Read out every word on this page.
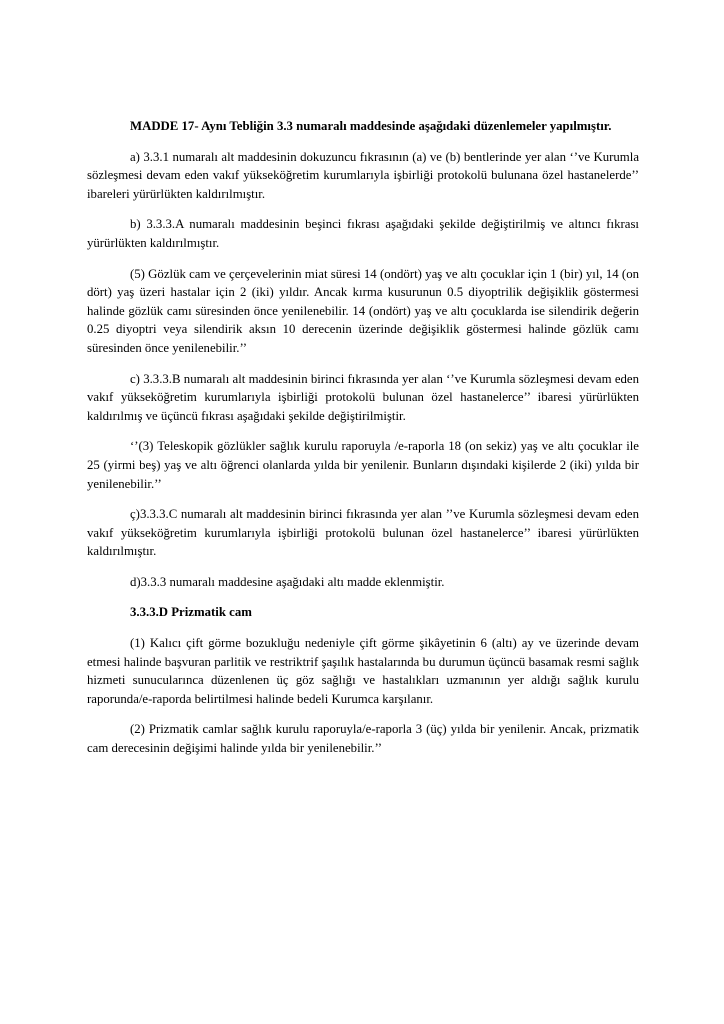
MADDE 17- Aynı Tebliğin 3.3 numaralı maddesinde aşağıdaki düzenlemeler yapılmıştır.

a) 3.3.1 numaralı alt maddesinin dokuzuncu fıkrasının (a) ve (b) bentlerinde yer alan ‘’ve Kurumla sözleşmesi devam eden vakıf yükseköğretim kurumlarıyla işbirliği protokolü bulunana özel hastanelerde’’ ibareleri yürürlükten kaldırılmıştır.

b) 3.3.3.A numaralı maddesinin beşinci fıkrası aşağıdaki şekilde değiştirilmiş ve altıncı fıkrası yürürlükten kaldırılmıştır.

(5) Gözlük cam ve çerçevelerinin miat süresi 14 (ondört) yaş ve altı çocuklar için 1 (bir) yıl, 14 (on dört) yaş üzeri hastalar için 2 (iki) yıldır. Ancak kırma kusurunun 0.5 diyoptrilik değişiklik göstermesi halinde gözlük camı süresinden önce yenilenebilir. 14 (ondört) yaş ve altı çocuklarda ise silendirik değerin 0.25 diyoptri veya silendirik aksın 10 derecenin üzerinde değişiklik göstermesi halinde gözlük camı süresinden önce yenilenebilir.’’

c) 3.3.3.B numaralı alt maddesinin birinci fıkrasında yer alan ‘’ve Kurumla sözleşmesi devam eden vakıf yükseköğretim kurumlarıyla işbirliği protokolü bulunan özel hastanelerce’’ ibaresi yürürlükten kaldırılmış ve üçüncü fıkrası aşağıdaki şekilde değiştirilmiştir.

‘’(3) Teleskopik gözlükler sağlık kurulu raporuyla /e-raporla 18 (on sekiz) yaş ve altı çocuklar ile 25 (yirmi beş) yaş ve altı öğrenci olanlarda yılda bir yenilenir. Bunların dışındaki kişilerde 2 (iki) yılda bir yenilenebilir.’’

ç)3.3.3.C numaralı alt maddesinin birinci fıkrasında yer alan ’’ve Kurumla sözleşmesi devam eden vakıf yükseköğretim kurumlarıyla işbirliği protokolü bulunan özel hastanelerce’’ ibaresi yürürlükten kaldırılmıştır.

d)3.3.3 numaralı maddesine aşağıdaki altı madde eklenmiştir.

3.3.3.D Prizmatik cam

(1) Kalıcı çift görme bozukluğu nedeniyle çift görme şikâyetinin 6 (altı) ay ve üzerinde devam etmesi halinde başvuran parlitik ve restriktrif şaşılık hastalarında bu durumun üçüncü basamak resmi sağlık hizmeti sunucularınca düzenlenen üç göz sağlığı ve hastalıkları uzmanının yer aldığı sağlık kurulu raporunda/e-raporda belirtilmesi halinde bedeli Kurumca karşılanır.

(2) Prizmatik camlar sağlık kurulu raporuyla/e-raporla 3 (üç) yılda bir yenilenir. Ancak, prizmatik cam derecesinin değişimi halinde yılda bir yenilenebilir.’’
